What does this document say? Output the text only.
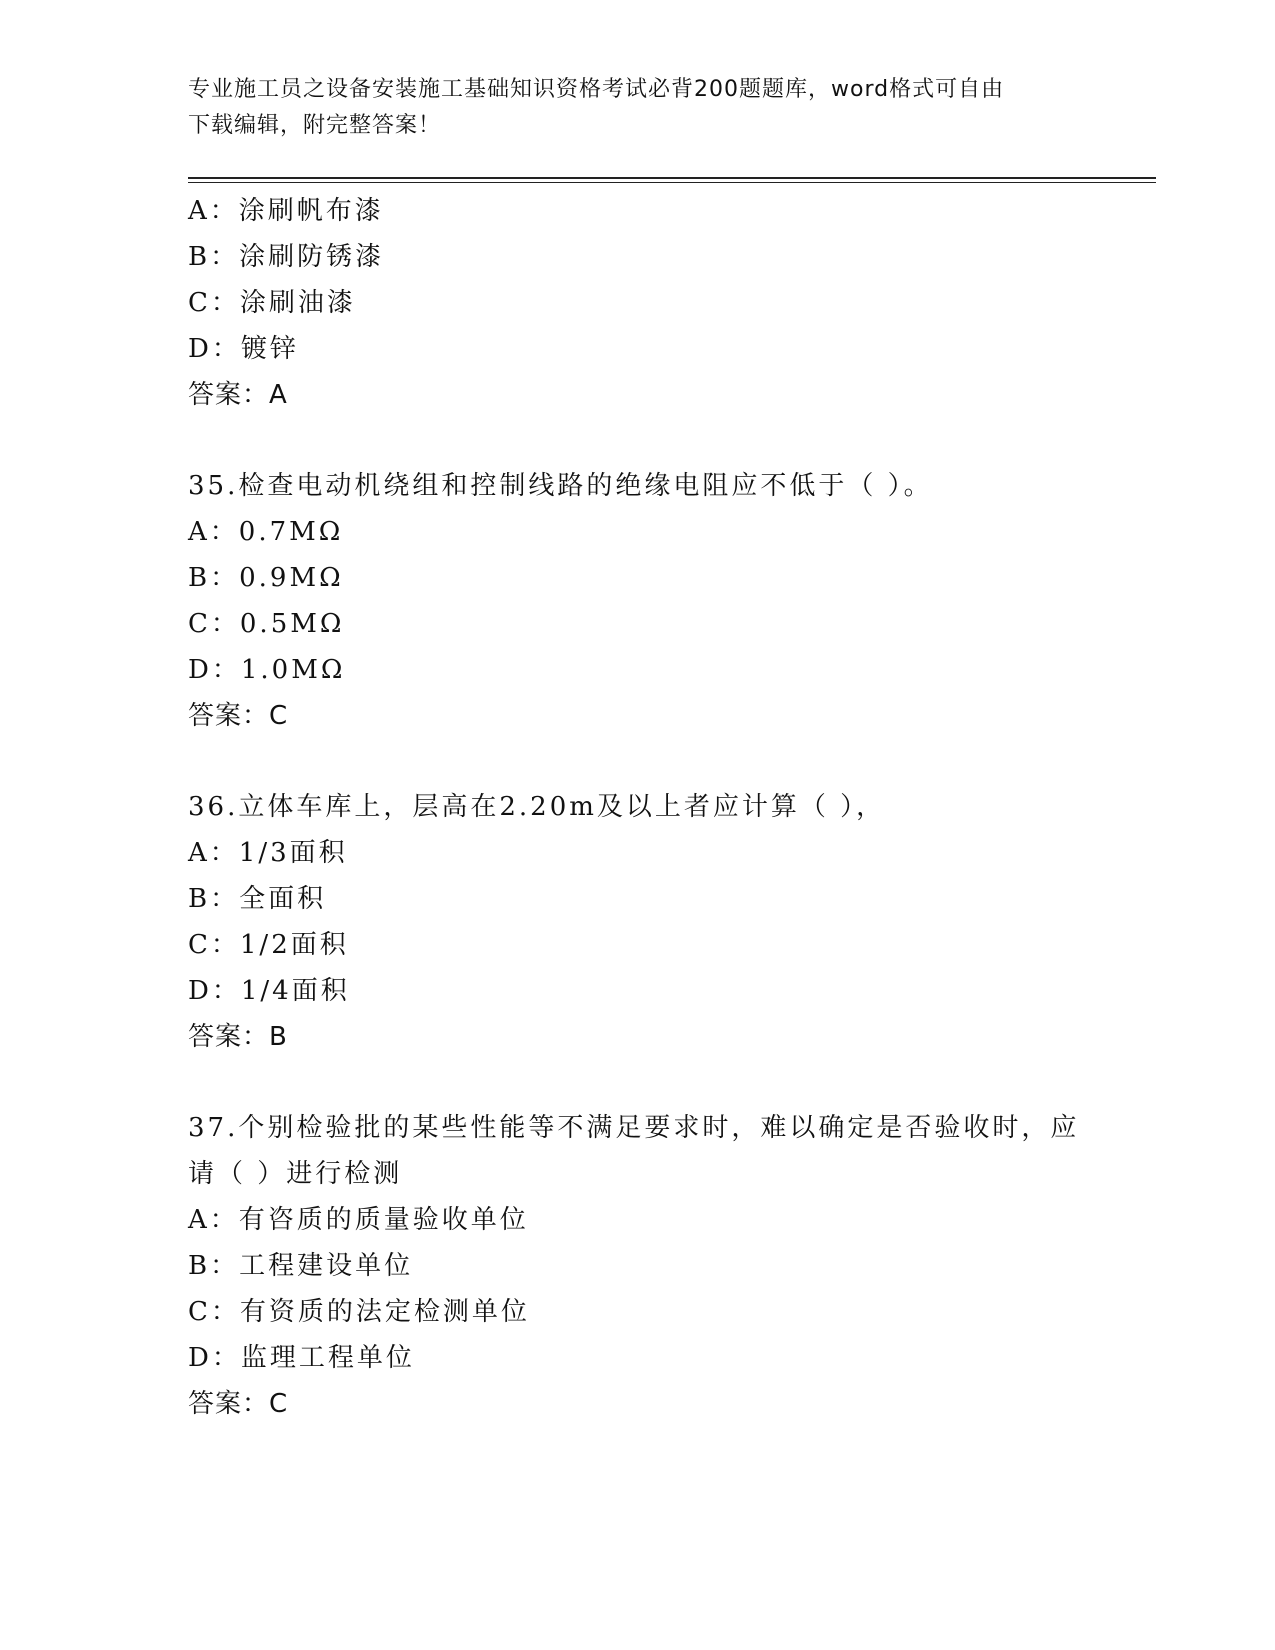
专业施工员之设备安装施工基础知识资格考试必背200题题库，word格式可自由
下载编辑，附完整答案！
A：涂刷帆布漆
B：涂刷防锈漆
C：涂刷油漆
D：镀锌
答案：A
35.检查电动机绕组和控制线路的绝缘电阻应不低于（ ）。
A：0.7MΩ
B：0.9MΩ
C：0.5MΩ
D：1.0MΩ
答案：C
36.立体车库上，层高在2.20m及以上者应计算（ ），
A：1/3面积
B：全面积
C：1/2面积
D：1/4面积
答案：B
37.个别检验批的某些性能等不满足要求时，难以确定是否验收时，应
请（ ）进行检测
A：有咨质的质量验收单位
B：工程建设单位
C：有资质的法定检测单位
D：监理工程单位
答案：C
